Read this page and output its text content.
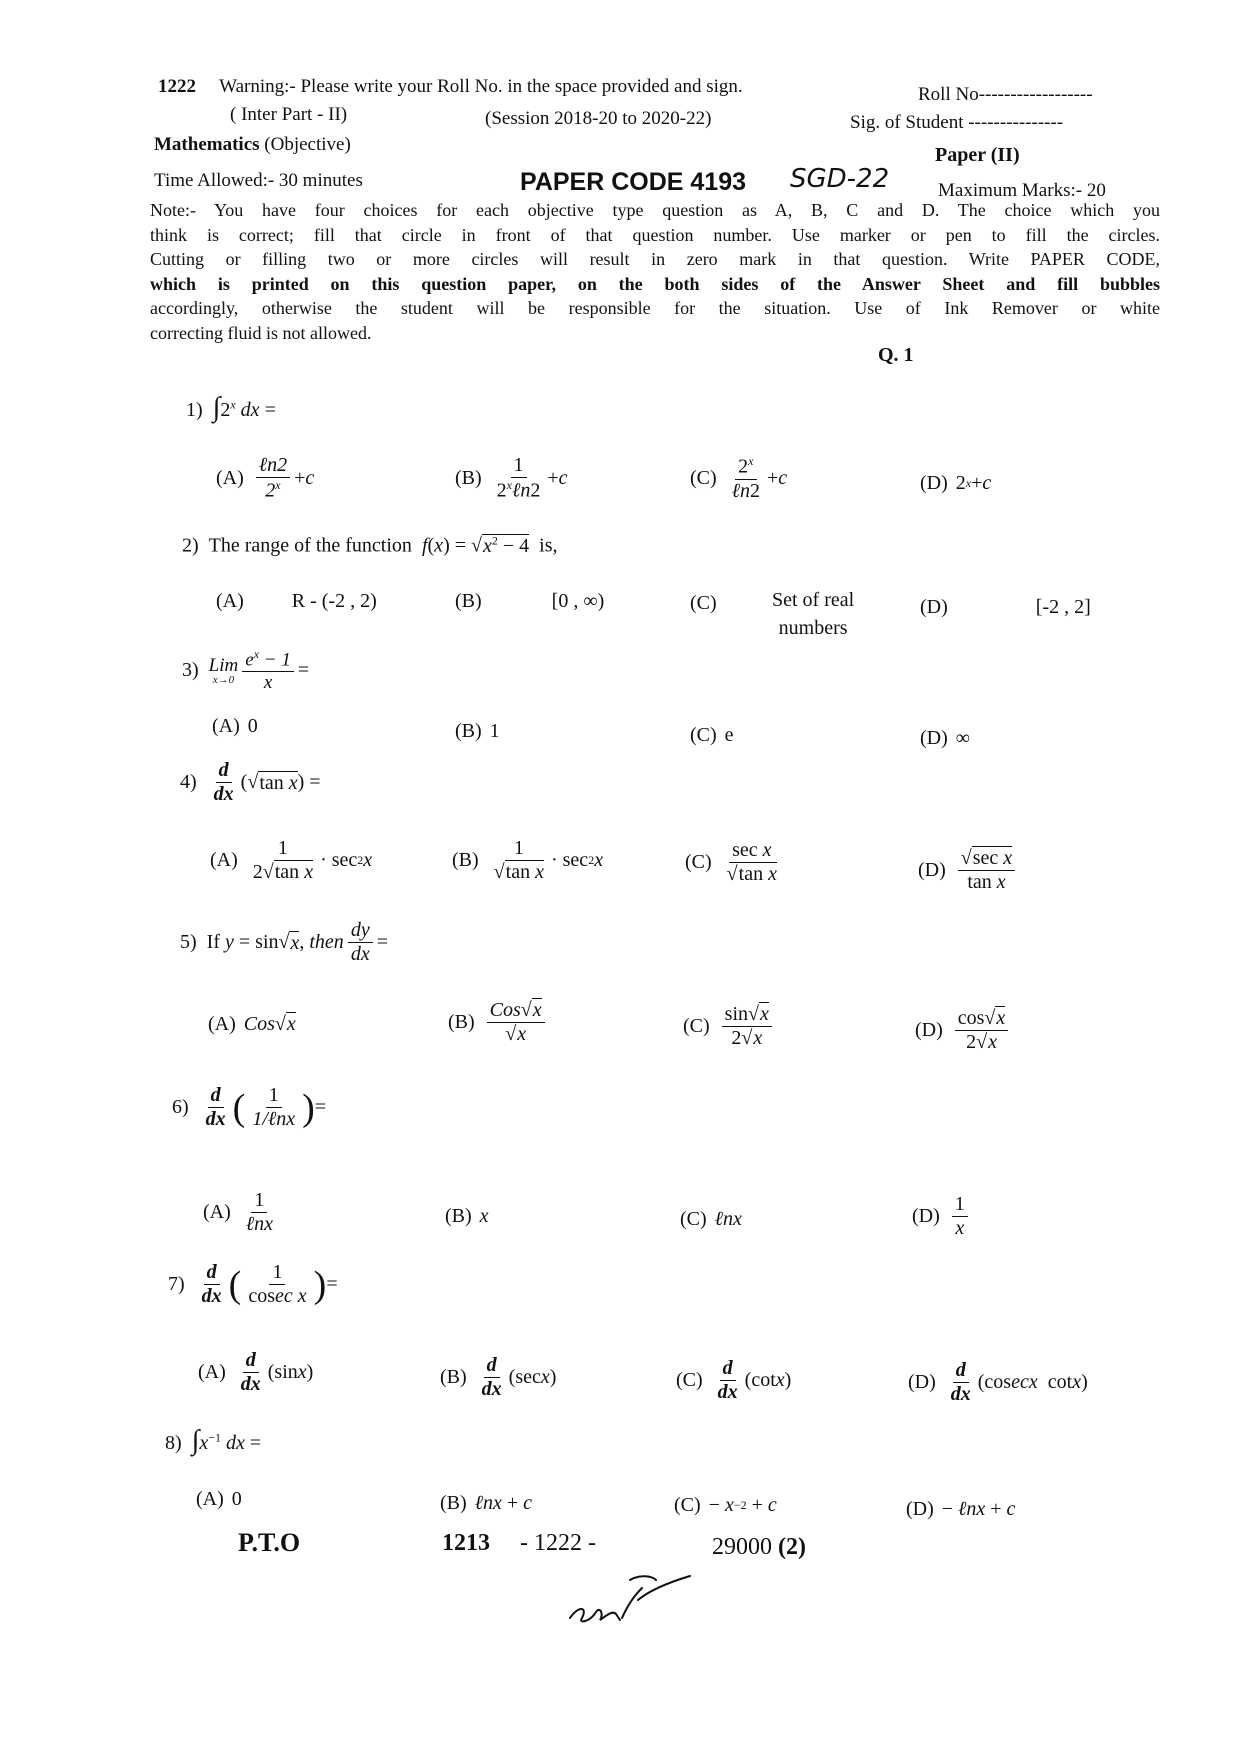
1222 Warning:- Please write your Roll No. in the space provided and sign.	Roll No------------------
( Inter Part - II)	(Session 2018-20 to 2020-22)	Sig. of Student ---------------
Mathematics (Objective)	Paper (II)
Time Allowed:- 30 minutes	PAPER CODE 4193 SGD-22	Maximum Marks:- 20
Note:- You have four choices for each objective type question as A, B, C and D. The choice which you
think is correct; fill that circle in front of that question number. Use marker or pen to fill the circles.
Cutting or filling two or more circles will result in zero mark in that question. Write PAPER CODE,
which is printed on this question paper, on the both sides of the Answer Sheet and fill bubbles
accordingly, otherwise the student will be responsible for the situation. Use of Ink Remover or white
correcting fluid is not allowed.
Q. 1
1)  ∫2$^x$ dx =
$(A) \frac{\text{ℓn2}}{2^x} + c$	$(B) \frac{1}{2^x\ell n2} + c$	$(C) \frac{2^x}{\text{ℓn2}} + c$	(D) 2 x + c
2)  The range of the function $f(x) = √x^2 - 4$ is,
(A) R - (-2 , 2)	(B)	[0 , ∞)	(C)	Set of real
numbers
(D)	[-2 , 2]
3) Lim
$x\to 0 \frac{e^x - 1}{x}$ =
(A) 0	(B) 1	(C) e	(D) ∞
$4) \frac{d}{dx}$ (√ tan x ) =
$(A) \frac{1}{\text{2√tan x}} \cdot \sec 2$ x	$(B) \frac{1}{\text{√tan x}} \cdot \sec 2$ x	$(C) \frac{\text{sec x}}{\text{√tan x}}$	$(D) \frac{\text{√sec x}}{\text{tan x}}$
5)  If y = sin√ x , then $\frac{dy}{dx}$ =
(A) Cos √ x	$(B) \frac{\text{Cos√x}}{√x}$	$(C) \frac{\sin√x}{2√x}$	$(D) \frac{\cos√x}{2√x}$
$6) \frac{d}{dx}$ ( $\frac{1}{\text{1/ℓnx}}$ ) =
$(A) \frac{1}{\text{ℓnx}}$	(B) x	(C) ℓnx	$(D) \frac{1}{x}$
$7) \frac{d}{dx}$ ( $\frac{1}{\text{cosec x}}$ ) =
$(A) \frac{d}{dx} (\sin$ x )	$(B) \frac{d}{dx} (\sec$ x )	$(C) \frac{d}{dx} (\cot$ x )	$(D) \frac{d}{dx} (\cos$ ec x cot x )
8)  $\int x^{-1}$ dx =
(A) 0	(B) ℓnx + c	(C) − x −2 + c	(D) − ℓnx + c
P.T.O	1213 - 1222 -	29000 (2)
